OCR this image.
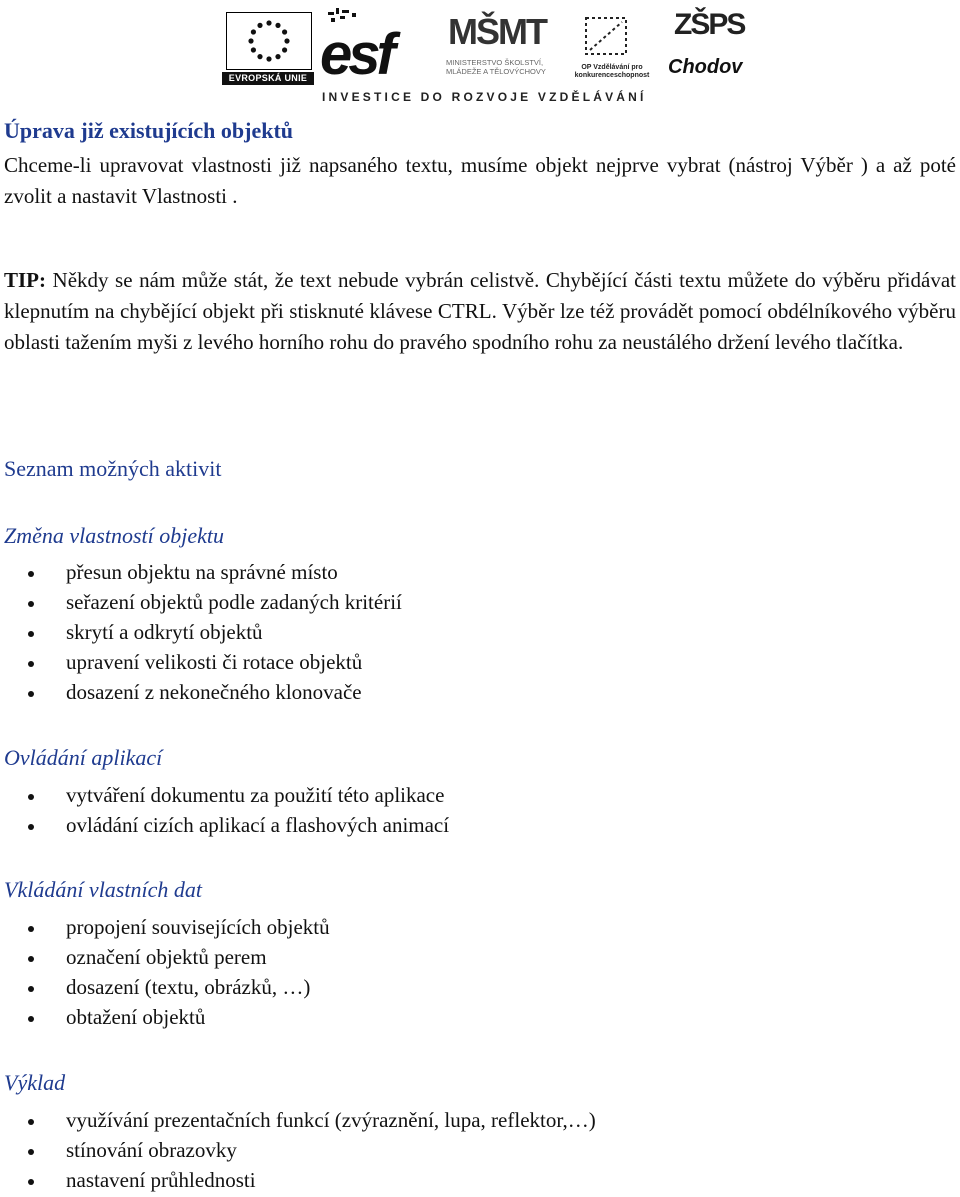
EVROPSKÁ UNIE esf MŠMT
MINISTERSTVO ŠKOLSTVÍ, MLÁDEŽE A TĚLOVÝCHOVY	OP Vzdělávání pro konkurenceschopnost
ZŠPS
Chodov
INVESTICE DO ROZVOJE VZDĚLÁVÁNÍ
Úprava již existujících objektů
Chceme-li upravovat vlastnosti již napsaného textu, musíme objekt nejprve vybrat (nástroj Výběr ) a až poté zvolit a nastavit Vlastnosti .
TIP: Někdy se nám může stát, že text nebude vybrán celistvě. Chybějící části textu můžete do výběru přidávat klepnutím na chybějící objekt při stisknuté klávese CTRL. Výběr lze též provádět pomocí obdélníkového výběru oblasti tažením myši z levého horního rohu do pravého spodního rohu za neustálého držení levého tlačítka.
Seznam možných aktivit
Změna vlastností objektu
přesun objektu na správné místo
seřazení objektů podle zadaných kritérií
skrytí a odkrytí objektů
upravení velikosti či rotace objektů
dosazení z nekonečného klonovače
Ovládání aplikací
vytváření dokumentu za použití této aplikace
ovládání cizích aplikací a flashových animací
Vkládání vlastních dat
propojení souvisejících objektů
označení objektů perem
dosazení (textu, obrázků, …)
obtažení objektů
Výklad
využívání prezentačních funkcí (zvýraznění, lupa, reflektor,…)
stínování obrazovky
nastavení průhlednosti
